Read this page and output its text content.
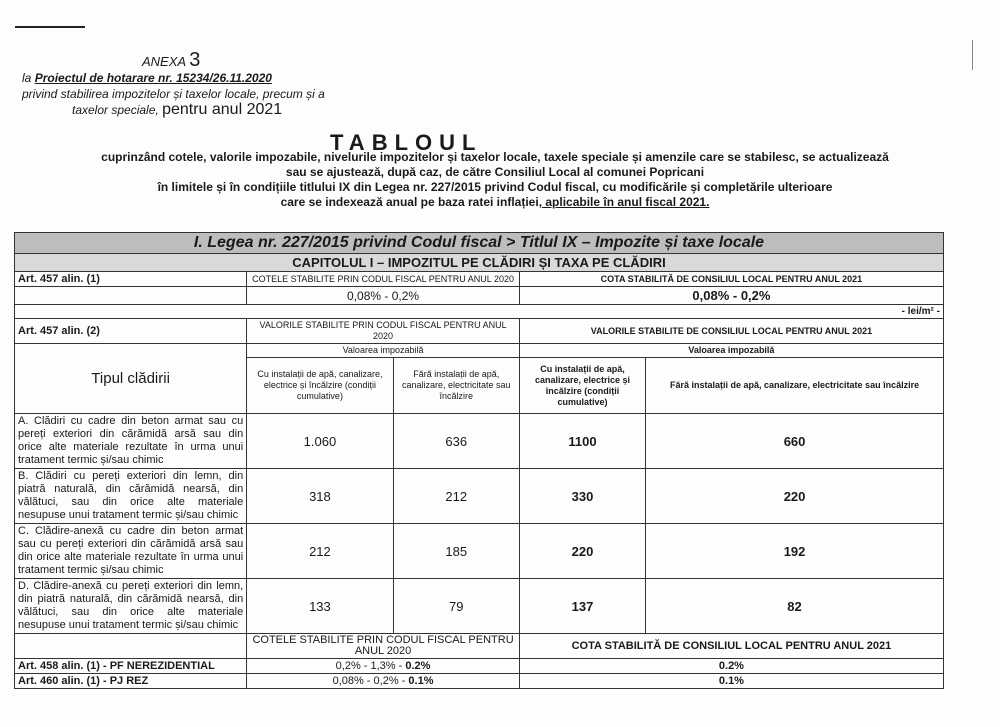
ANEXA 3
la Proiectul de hotarare nr. 15234/26.11.2020
privind stabilirea impozitelor și taxelor locale, precum și a
taxelor speciale, pentru anul 2021
TABLOUL
cuprinzând cotele, valorile impozabile, nivelurile impozitelor și taxelor locale, taxele speciale și amenzile care se stabilesc, se actualizează
sau se ajustează, după caz, de către Consiliul Local al comunei Popricani
în limitele și în condițiile titlului IX din Legea nr. 227/2015 privind Codul fiscal, cu modificările și completările ulterioare
care se indexează anual pe baza ratei inflației, aplicabile în anul fiscal 2021.
I. Legea nr. 227/2015 privind Codul fiscal > Titlul IX – Impozite și taxe locale				
CAPITOLUL I – IMPOZITUL PE CLĂDIRI ȘI TAXA PE CLĂDIRI				
Art. 457 alin. (1)	COTELE STABILITE PRIN CODUL FISCAL PENTRU ANUL 2020		COTA STABILITĂ DE CONSILIUL LOCAL PENTRU ANUL 2021	
	0,08% - 0,2%		0,08% - 0,2%	
- lei/m² -				
Art. 457 alin. (2)	VALORILE STABILITE PRIN CODUL FISCAL PENTRU ANUL 2020		VALORILE STABILITE DE CONSILIUL LOCAL PENTRU ANUL 2021	
Tipul clădirii	Valoarea impozabilă		Valoarea impozabilă	
	Cu instalații de apă, canalizare, electrice și încălzire (condiții cumulative)	Fără instalații de apă, canalizare, electricitate sau încălzire	Cu instalații de apă, canalizare, electrice și încălzire (condiții cumulative)	Fără instalații de apă, canalizare, electricitate sau încălzire
A. Clădiri cu cadre din beton armat sau cu pereți exteriori din cărămidă arsă sau din orice alte materiale rezultate în urma unui tratament termic și/sau chimic	1.060	636	1100	660
B. Clădiri cu pereți exteriori din lemn, din piatră naturală, din cărămidă nearsă, din vălătuci, sau din orice alte materiale nesupuse unui tratament termic și/sau chimic	318	212	330	220
C. Clădire-anexă cu cadre din beton armat sau cu pereți exteriori din cărămidă arsă sau din orice alte materiale rezultate în urma unui tratament termic și/sau chimic	212	185	220	192
D. Clădire-anexă cu pereți exteriori din lemn, din piatră naturală, din cărămidă nearsă, din vălătuci, sau din orice alte materiale nesupuse unui tratament termic și/sau chimic	133	79	137	82
	COTELE STABILITE PRIN CODUL FISCAL PENTRU ANUL 2020		COTA STABILITĂ DE CONSILIUL LOCAL PENTRU ANUL 2021	
Art. 458 alin. (1) - PF NEREZIDENTIAL	0,2% - 1,3% - 0.2%		0.2%	
Art. 460 alin. (1) - PJ REZ	0,08% - 0,2% - 0.1%		0.1%	
